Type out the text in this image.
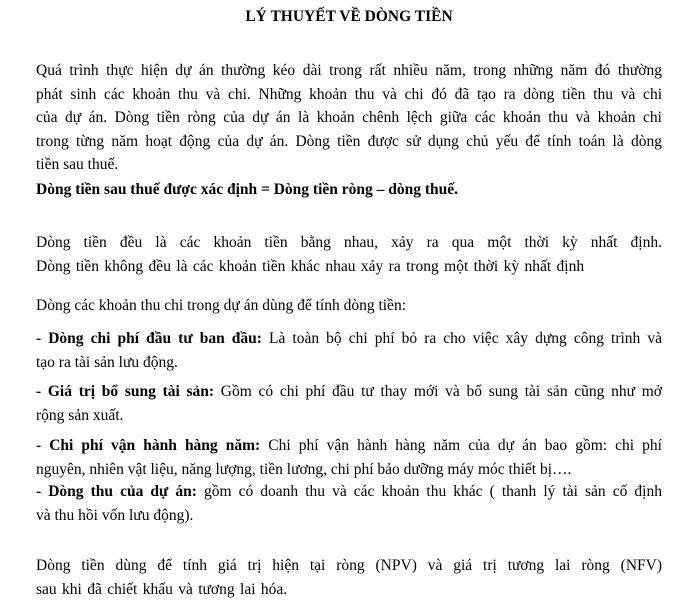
LÝ THUYẾT VỀ DÒNG TIỀN
Quá trình thực hiện dự án thường kéo dài trong rất nhiều năm, trong những năm đó thường
phát sinh các khoản thu và chi. Những khoản thu và chi đó đã tạo ra dòng tiền thu và chi
của dự án. Dòng tiền ròng của dự án là khoản chênh lệch giữa các khoản thu và khoản chi
trong từng năm hoạt động của dự án. Dòng tiền được sử dụng chủ yếu để tính toán là dòng
tiền sau thuế.
Dòng tiền sau thuế được xác định = Dòng tiền ròng – dòng thuế.
Dòng tiền đều là các khoản tiền bằng nhau, xảy ra qua một thời kỳ nhất định.
Dòng tiền không đều là các khoản tiền khác nhau xảy ra trong một thời kỳ nhất định
Dòng các khoản thu chi trong dự án dùng để tính dòng tiền:
- Dòng chi phí đầu tư ban đầu: Là toàn bộ chi phí bỏ ra cho việc xây dựng công trình và
tạo ra tài sản lưu động.
- Giá trị bổ sung tài sản: Gồm có chi phí đầu tư thay mới và bổ sung tài sản cũng như mở
rộng sản xuất.
- Chi phí vận hành hàng năm: Chi phí vận hành hàng năm của dự án bao gồm: chi phí
nguyên, nhiên vật liệu, năng lượng, tiền lương, chi phí bảo dưỡng máy móc thiết bị….
- Dòng thu của dự án: gồm có doanh thu và các khoản thu khác ( thanh lý tài sản cố định
và thu hồi vốn lưu động).
Dòng tiền dùng để tính giá trị hiện tại ròng (NPV) và giá trị tương lai ròng (NFV)
sau khi đã chiết khấu và tương lai hóa.
